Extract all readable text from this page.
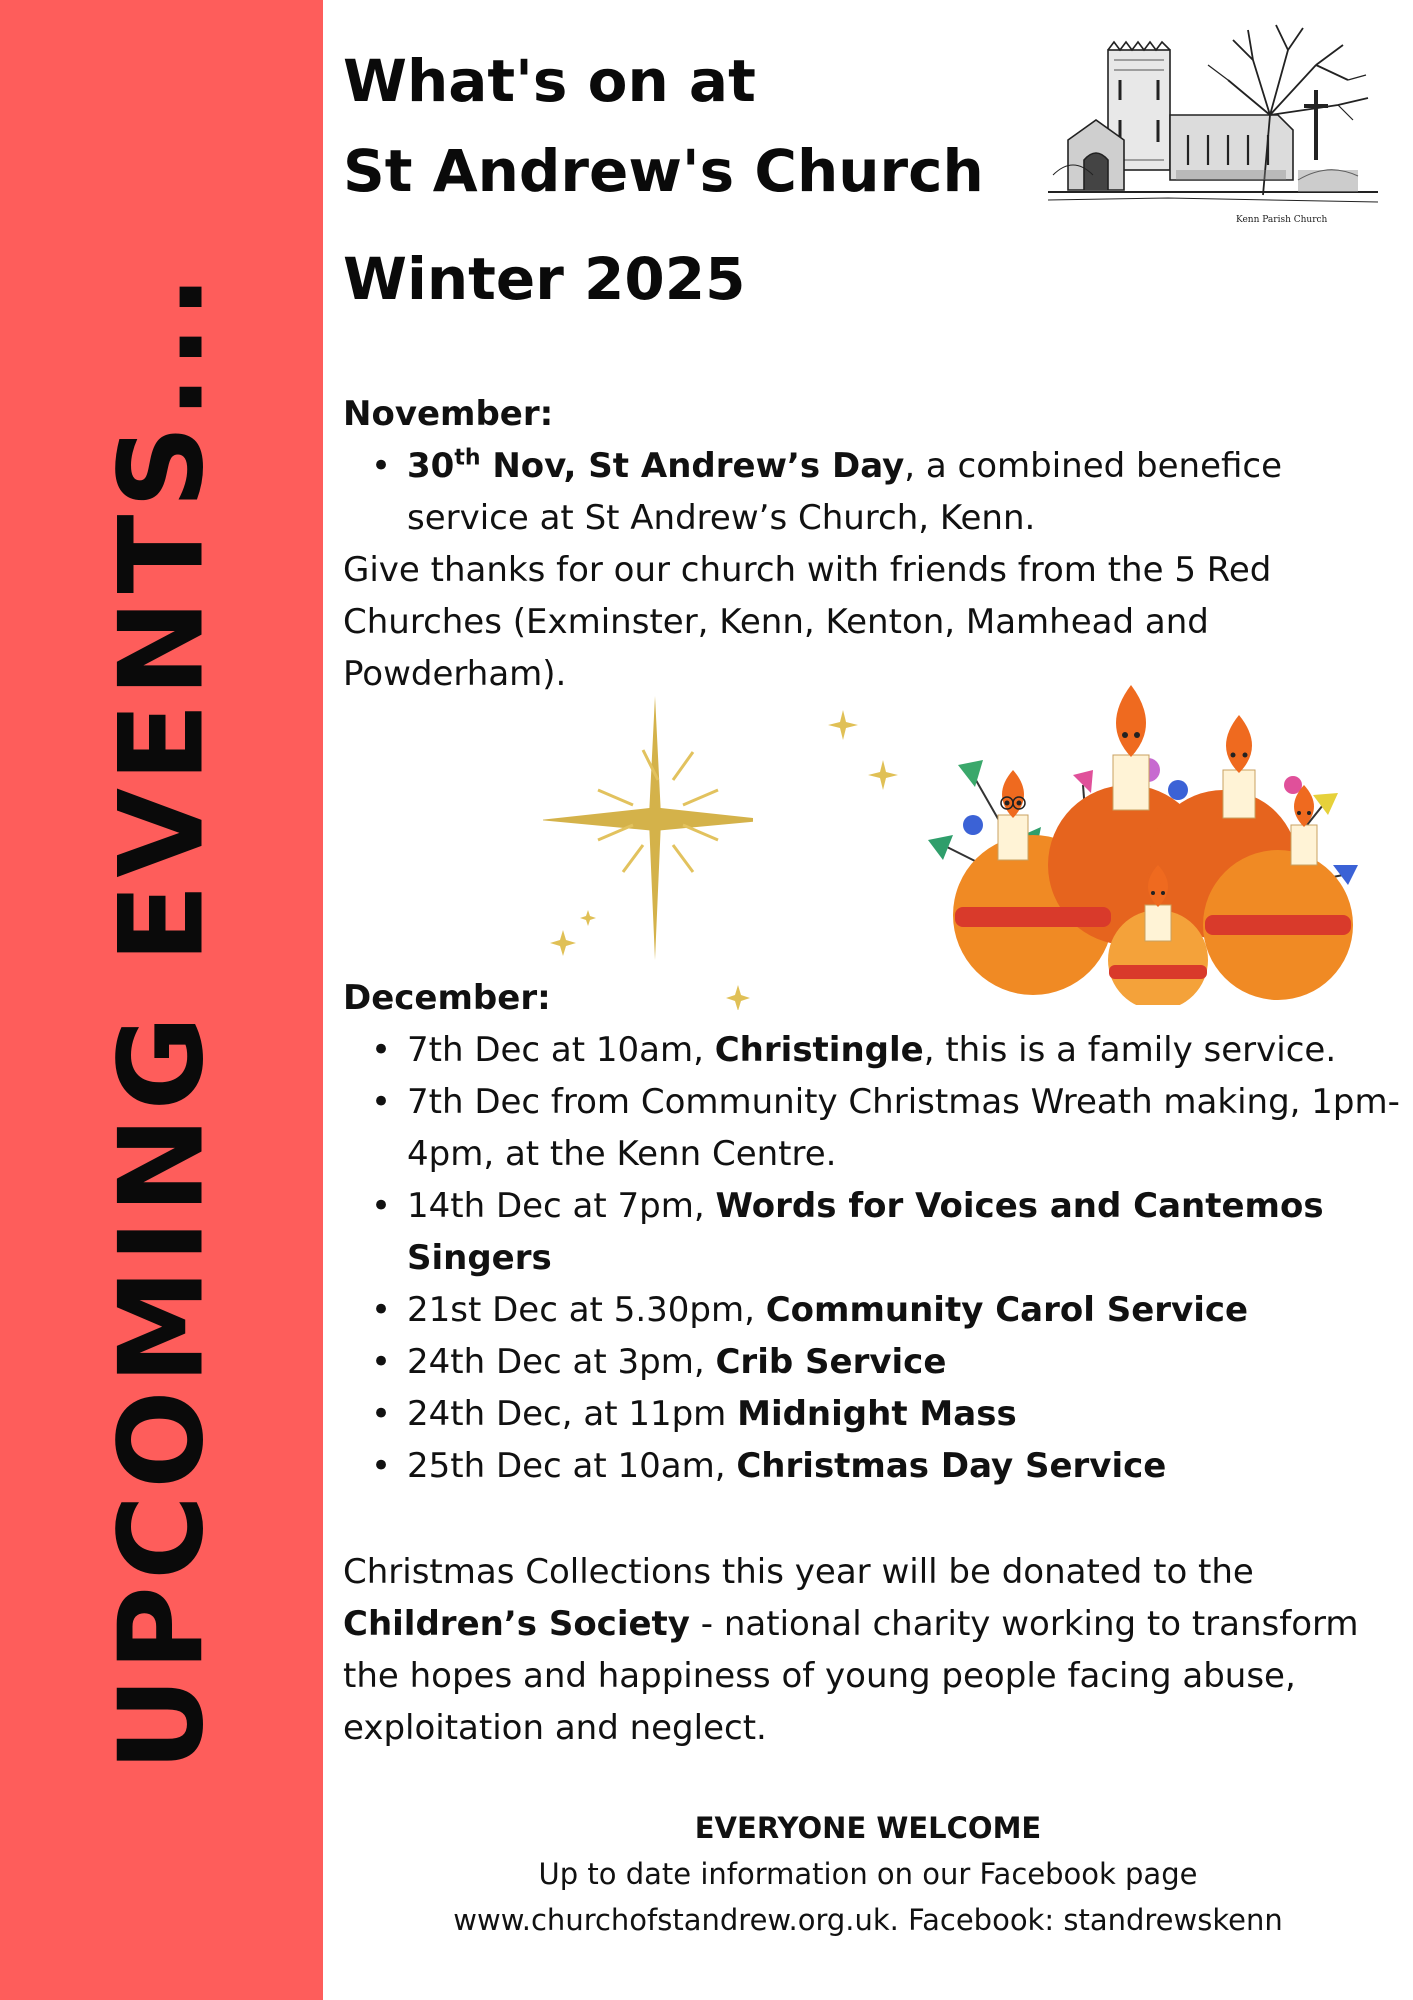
UPCOMING EVENTS...
What's on at
St Andrew's Church
Winter 2025
Kenn Parish Church

November:

• 30th Nov, St Andrew’s Day, a combined benefice service at St Andrew’s Church, Kenn.

Give thanks for our church with friends from the 5 Red Churches (Exminster, Kenn, Kenton, Mamhead and Powderham).

December:

• 7th Dec at 10am, Christingle, this is a family service.
• 7th Dec from Community Christmas Wreath making, 1pm-4pm, at the Kenn Centre.
• 14th Dec at 7pm, Words for Voices and Cantemos Singers
• 21st Dec at 5.30pm, Community Carol Service
• 24th Dec at 3pm, Crib Service
• 24th Dec, at 11pm Midnight Mass
• 25th Dec at 10am, Christmas Day Service

Christmas Collections this year will be donated to the Children’s Society - national charity working to transform the hopes and happiness of young people facing abuse, exploitation and neglect.

EVERYONE WELCOME
Up to date information on our Facebook page
www.churchofstandrew.org.uk. Facebook: standrewskenn
